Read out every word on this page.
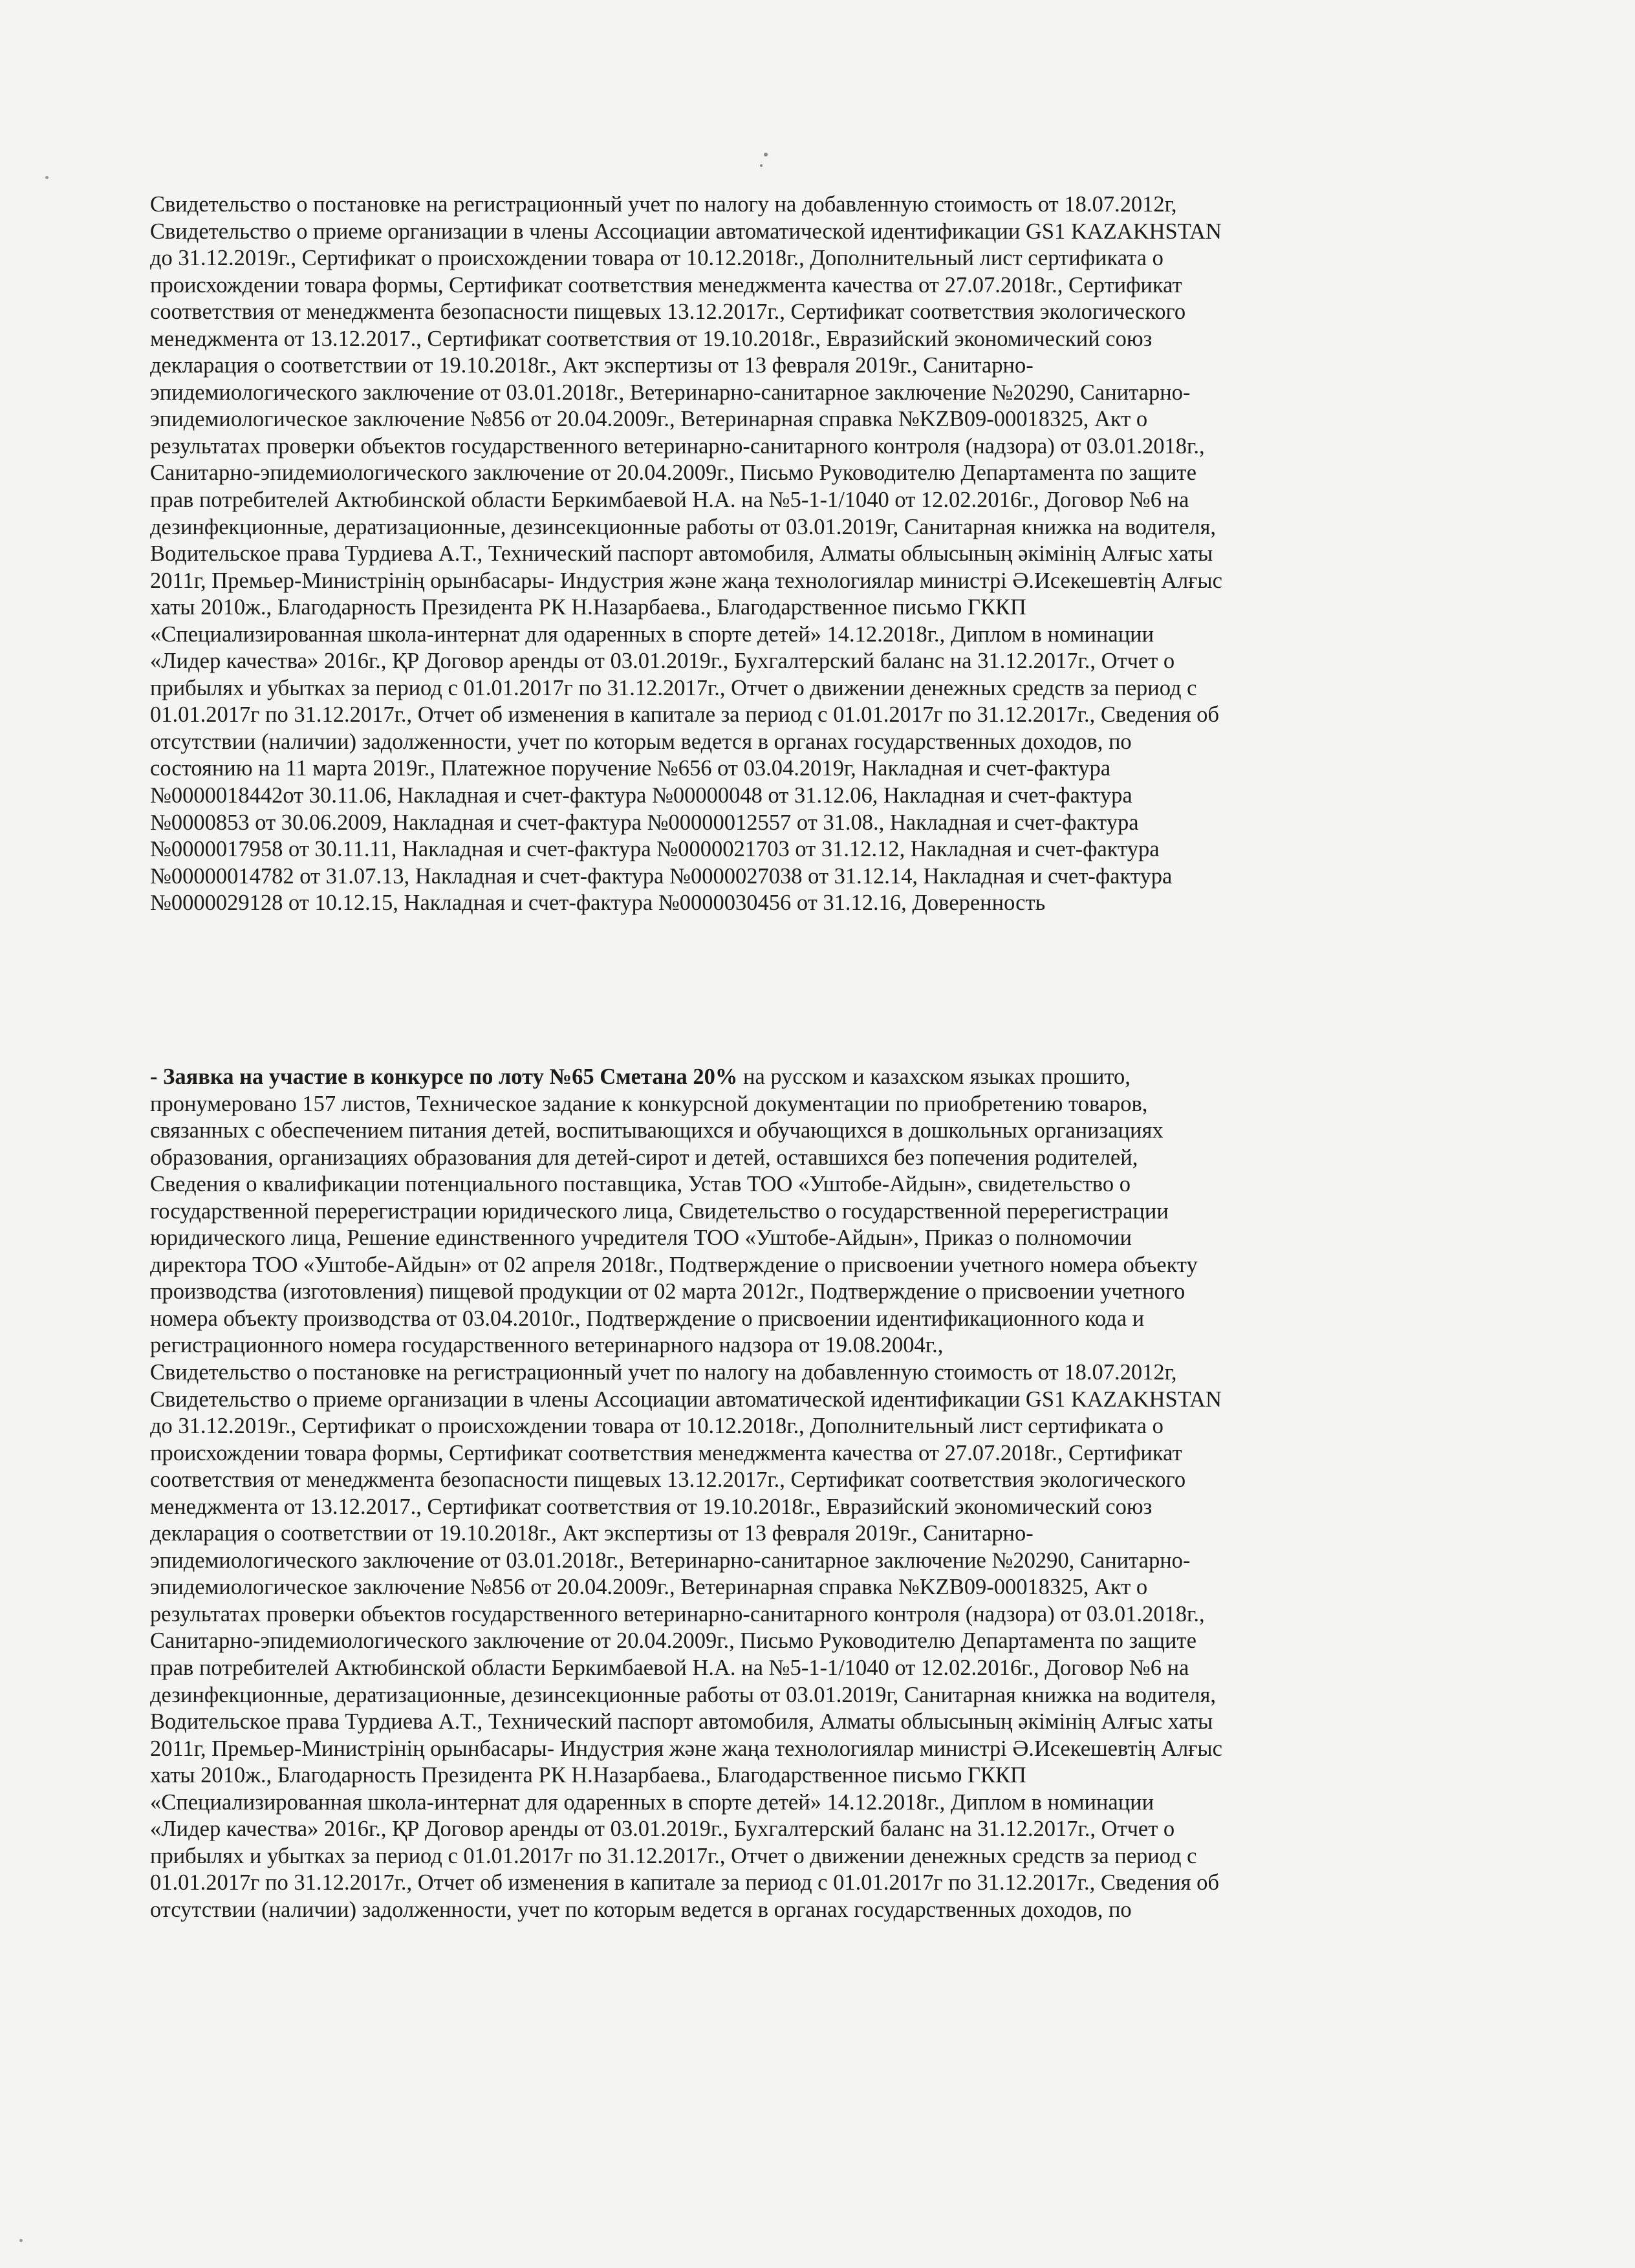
Свидетельство о постановке на регистрационный учет по налогу на добавленную стоимость от 18.07.2012г,
Свидетельство о приеме организации в члены Ассоциации автоматической идентификации GS1 KAZAKHSTAN
до 31.12.2019г., Сертификат о происхождении товара от 10.12.2018г., Дополнительный лист сертификата о
происхождении товара формы, Сертификат соответствия менеджмента качества от 27.07.2018г., Сертификат
соответствия от менеджмента безопасности пищевых 13.12.2017г., Сертификат соответствия экологического
менеджмента от 13.12.2017., Сертификат соответствия от 19.10.2018г., Евразийский экономический союз
декларация о соответствии от 19.10.2018г., Акт экспертизы от 13 февраля 2019г., Санитарно-
эпидемиологического заключение от 03.01.2018г., Ветеринарно-санитарное заключение №20290, Санитарно-
эпидемиологическое заключение №856 от 20.04.2009г., Ветеринарная справка №KZB09-00018325, Акт о
результатах проверки объектов государственного ветеринарно-санитарного контроля (надзора) от 03.01.2018г.,
Санитарно-эпидемиологического заключение от 20.04.2009г., Письмо Руководителю Департамента по защите
прав потребителей Актюбинской области Беркимбаевой Н.А. на №5-1-1/1040 от 12.02.2016г., Договор №6 на
дезинфекционные, дератизационные, дезинсекционные работы от 03.01.2019г, Санитарная книжка на водителя,
Водительское права Турдиева А.Т., Технический паспорт автомобиля, Алматы облысының әкімінің Алғыс хаты
2011г, Премьер-Министрінің орынбасары- Индустрия және жаңа технологиялар министрі Ә.Исекешевтің Алғыс
хаты 2010ж., Благодарность Президента РК Н.Назарбаева., Благодарственное письмо ГККП
«Специализированная школа-интернат для одаренных в спорте детей» 14.12.2018г., Диплом в номинации
«Лидер качества» 2016г., ҚР Договор аренды от 03.01.2019г., Бухгалтерский баланс на 31.12.2017г., Отчет о
прибылях и убытках за период с 01.01.2017г по 31.12.2017г., Отчет о движении денежных средств за период с
01.01.2017г по 31.12.2017г., Отчет об изменения в капитале за период с 01.01.2017г по 31.12.2017г., Сведения об
отсутствии (наличии) задолженности, учет по которым ведется в органах государственных доходов, по
состоянию на 11 марта 2019г., Платежное поручение №656 от 03.04.2019г, Накладная и счет-фактура
№0000018442от 30.11.06, Накладная и счет-фактура №00000048 от 31.12.06, Накладная и счет-фактура
№0000853 от 30.06.2009, Накладная и счет-фактура №00000012557 от 31.08., Накладная и счет-фактура
№0000017958 от 30.11.11, Накладная и счет-фактура №0000021703 от 31.12.12, Накладная и счет-фактура
№00000014782 от 31.07.13, Накладная и счет-фактура №0000027038 от 31.12.14, Накладная и счет-фактура
№0000029128 от 10.12.15, Накладная и счет-фактура №0000030456 от 31.12.16, Доверенность
- Заявка на участие в конкурсе по лоту №65 Сметана 20% на русском и казахском языках прошито,
пронумеровано 157 листов, Техническое задание к конкурсной документации по приобретению товаров,
связанных с обеспечением питания детей, воспитывающихся и обучающихся в дошкольных организациях
образования, организациях образования для детей-сирот и детей, оставшихся без попечения родителей,
Сведения о квалификации потенциального поставщика, Устав ТОО «Уштобе-Айдын», свидетельство о
государственной перерегистрации юридического лица, Свидетельство о государственной перерегистрации
юридического лица, Решение единственного учредителя ТОО «Уштобе-Айдын», Приказ о полномочии
директора ТОО «Уштобе-Айдын» от 02 апреля 2018г., Подтверждение о присвоении учетного номера объекту
производства (изготовления) пищевой продукции от 02 марта 2012г., Подтверждение о присвоении учетного
номера объекту производства от 03.04.2010г., Подтверждение о присвоении идентификационного кода и
регистрационного номера государственного ветеринарного надзора от 19.08.2004г.,
Свидетельство о постановке на регистрационный учет по налогу на добавленную стоимость от 18.07.2012г,
Свидетельство о приеме организации в члены Ассоциации автоматической идентификации GS1 KAZAKHSTAN
до 31.12.2019г., Сертификат о происхождении товара от 10.12.2018г., Дополнительный лист сертификата о
происхождении товара формы, Сертификат соответствия менеджмента качества от 27.07.2018г., Сертификат
соответствия от менеджмента безопасности пищевых 13.12.2017г., Сертификат соответствия экологического
менеджмента от 13.12.2017., Сертификат соответствия от 19.10.2018г., Евразийский экономический союз
декларация о соответствии от 19.10.2018г., Акт экспертизы от 13 февраля 2019г., Санитарно-
эпидемиологического заключение от 03.01.2018г., Ветеринарно-санитарное заключение №20290, Санитарно-
эпидемиологическое заключение №856 от 20.04.2009г., Ветеринарная справка №KZB09-00018325, Акт о
результатах проверки объектов государственного ветеринарно-санитарного контроля (надзора) от 03.01.2018г.,
Санитарно-эпидемиологического заключение от 20.04.2009г., Письмо Руководителю Департамента по защите
прав потребителей Актюбинской области Беркимбаевой Н.А. на №5-1-1/1040 от 12.02.2016г., Договор №6 на
дезинфекционные, дератизационные, дезинсекционные работы от 03.01.2019г, Санитарная книжка на водителя,
Водительское права Турдиева А.Т., Технический паспорт автомобиля, Алматы облысының әкімінің Алғыс хаты
2011г, Премьер-Министрінің орынбасары- Индустрия және жаңа технологиялар министрі Ә.Исекешевтің Алғыс
хаты 2010ж., Благодарность Президента РК Н.Назарбаева., Благодарственное письмо ГККП
«Специализированная школа-интернат для одаренных в спорте детей» 14.12.2018г., Диплом в номинации
«Лидер качества» 2016г., ҚР Договор аренды от 03.01.2019г., Бухгалтерский баланс на 31.12.2017г., Отчет о
прибылях и убытках за период с 01.01.2017г по 31.12.2017г., Отчет о движении денежных средств за период с
01.01.2017г по 31.12.2017г., Отчет об изменения в капитале за период с 01.01.2017г по 31.12.2017г., Сведения об
отсутствии (наличии) задолженности, учет по которым ведется в органах государственных доходов, по
